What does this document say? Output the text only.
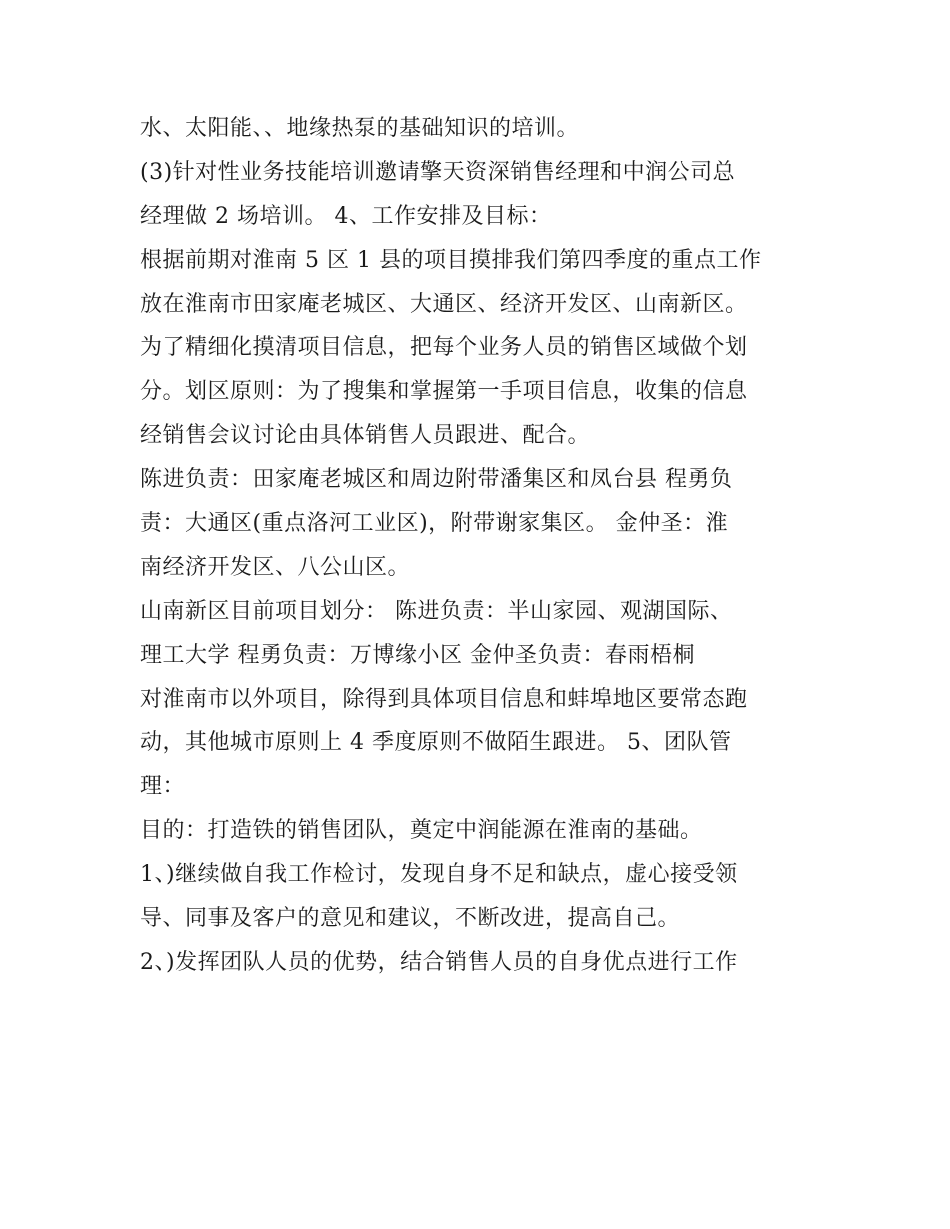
水、太阳能、、地缘热泵的基础知识的培训。
(3)针对性业务技能培训邀请擎天资深销售经理和中润公司总
经理做 2 场培训。 4、工作安排及目标：
根据前期对淮南 5 区 1 县的项目摸排我们第四季度的重点工作
放在淮南市田家庵老城区、大通区、经济开发区、山南新区。
为了精细化摸清项目信息，把每个业务人员的销售区域做个划
分。划区原则：为了搜集和掌握第一手项目信息，收集的信息
经销售会议讨论由具体销售人员跟进、配合。
陈进负责：田家庵老城区和周边附带潘集区和凤台县 程勇负
责：大通区(重点洛河工业区)，附带谢家集区。 金仲圣：淮
南经济开发区、八公山区。
山南新区目前项目划分： 陈进负责：半山家园、观湖国际、
理工大学 程勇负责：万博缘小区 金仲圣负责：春雨梧桐
对淮南市以外项目，除得到具体项目信息和蚌埠地区要常态跑
动，其他城市原则上 4 季度原则不做陌生跟进。 5、团队管
理：
目的：打造铁的销售团队，奠定中润能源在淮南的基础。
1、)继续做自我工作检讨，发现自身不足和缺点，虚心接受领
导、同事及客户的意见和建议，不断改进，提高自己。
2、)发挥团队人员的优势，结合销售人员的自身优点进行工作
